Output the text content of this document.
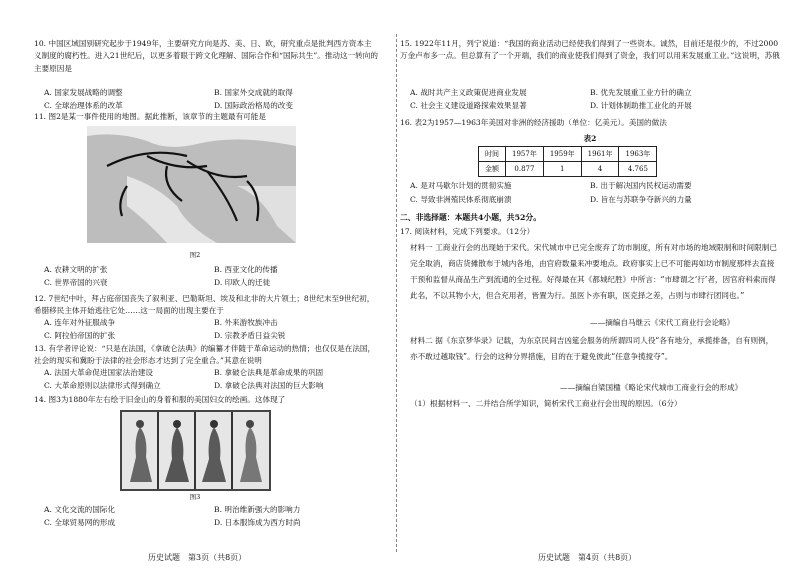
10. 中国区域国别研究起步于1949年，主要研究方向是苏、美、日、欧，研究重点是批判西方资本主义制度的腐朽性。进入21世纪后，以更多着眼于跨文化理解、国际合作和“国际共生”。推动这一转向的主要原因是
A. 国家发展战略的调整	B. 国家外交成就的取得
C. 全球治理体系的改革	D. 国际政治格局的改变
11. 图2是某一事件使用的地图。据此推断，该章节的主题最有可能是
图2
A. 农耕文明的扩张	B. 西亚文化的传播
C. 世界帝国的兴衰	D. 印欧人的迁徙
12. 7世纪中叶，拜占庭帝国丧失了叙利亚、巴勒斯坦、埃及和北非的大片领土；8世纪末至9世纪初，希腊移民主体开始逃往它处……这一局面的出现主要在于
A. 连年对外征服战争	B. 外来游牧族冲击
C. 阿拉伯帝国的扩张	D. 宗教矛盾日益尖锐
13. 有学者评论说：“只是在法国，《拿破仑法典》的编纂才伴随于革命运动的热情；也仅仅是在法国，社会的现实和冀盼于法律的社会形态才达到了完全重合。”其意在说明
A. 法国大革命促进国家法治建设	B. 拿破仑法典是革命成果的巩固
C. 大革命原则以法律形式得到确立	D. 拿破仑法典对法国的巨大影响
14. 图3为1880年左右绘于旧金山的身着和服的美国妇女的绘画。这体现了
图3
A. 文化交流的国际化	B. 明治维新强大的影响力
C. 全球贸易网的形成	D. 日本服饰成为西方时尚
历史试题　第3页（共8页）
15. 1922年11月，列宁说道：“我国的商业活动已经使我们得到了一些资本。诚然，目前还是很少的，不过2000万金卢布多一点。但总算有了一个开端，我们的商业使我们得到了资金，我们可以用来发展重工业。”这说明，苏俄
A. 战时共产主义政策促进商业发展	B. 优先发展重工业方针的确立
C. 社会主义建设道路探索效果显著	D. 计划体制助推工业化的开展
16. 表2为1957—1963年美国对非洲的经济援助（单位：亿美元）。美国的做法
表2
时间	1957年	1959年	1961年	1963年
金额	0.877	1	4	4.765
A. 是对马歇尔计划的贯彻实施	B. 出于解决国内民权运动需要
C. 导致非洲殖民体系彻底崩溃	D. 旨在与苏联争夺新兴的力量
二、非选择题：本题共4小题，共52分。
17. 阅读材料，完成下列要求。（12分）
材料一 工商业行会的出现始于宋代。宋代城市中已完全废弃了坊市制度，所有对市场的地域限制和时间限制已完全取消，商店货摊散布于城内各地，由官府数量来冲要地点。政府事实上已不可能再如坊市制度那样去直接干预和监督从商品生产到流通的全过程。好得最在其《都城纪胜》中所言：“市肆谓之‘行’者，因官府科索而得此名，不以其物小大，但合充用者，皆置为行。虽医卜亦有职，医克择之差，占则与市肆行团同也。”
——摘编自马继云《宋代工商业行会论略》
材料二 据《东京梦华录》记载，为东京民间吉凶筵会服务的所谓四司人役“各有地分，承揽排备，自有则例，亦不敢过越取钱”。行会的这种分界措施，目的在于避免彼此“任意争揽搅夺”。
——摘编自梁国楹《略论宋代城市工商业行会的形成》
（1）根据材料一、二并结合所学知识，简析宋代工商业行会出现的原因。（6分）
历史试题　第4页（共8页）
